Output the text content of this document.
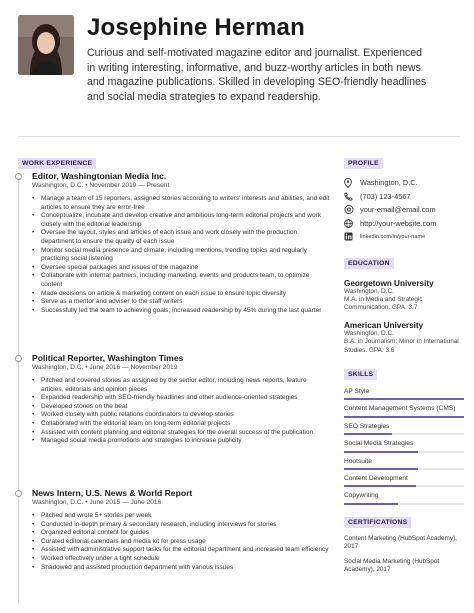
Josephine Herman
Curious and self-motivated magazine editor and journalist. Experienced in writing interesting, informative, and buzz-worthy articles in both news and magazine publications. Skilled in developing SEO-friendly headlines and social media strategies to expand readership.
WORK EXPERIENCE
Editor, Washingtonian Media Inc.
Washington, D.C. • November 2019 — Present
• Manage a team of 15 reporters, assigned stories according to writers' interests and abilities, and edit articles to ensure they are error-free
• Conceptualize, incubate and develop creative and ambitious long-term editorial projects and work closely with the editorial leadership
• Oversee the layout, styles and articles of each issue and work closely with the production department to ensure the quality of each issue
• Monitor social media presence and climate, including mentions, trending topics and regularly practicing social listening
• Oversee special packages and issues of the magazine
• Collaborate with internal partners, including marketing, events and products team, to optimize content
• Made decisions on article & marketing content on each issue to ensure topic diversity
• Serve as a mentor and adviser to the staff writers
• Successfully led the team to achieving goals; increased readership by 45% during the last quarter
Political Reporter, Washington Times
Washington, D.C. • June 2016 — November 2019
• Pitched and covered stories as assigned by the senior editor, including news reports, feature articles, editorials and opinion pieces
• Expanded readership with SEO-friendly headlines and other audience-oriented strategies
• Developed stories on the beat
• Worked closely with public relations coordinators to develop stories
• Collaborated with the editorial team on long-term editorial projects
• Assisted with content planning and editorial strategies for the overall success of the publication
• Managed social media promotions and strategies to increase publicity
News Intern, U.S. News & World Report
Washington, D.C. • June 2015 — June 2016
• Pitched and wrote 5+ stories per week
• Conducted in-depth primary & secondary research, including interviews for stories
• Organized editorial content for guides
• Curated editorial calendars and media kit for press usage
• Assisted with administrative support tasks for the editorial department and increased team efficiency
• Worked effectively under a tight schedule
• Shadowed and assisted production department with various issues
PROFILE
Washington, D.C.
(703) 123-4567
your-email@email.com
http://your-website.com
linkedin.com/in/your-name
EDUCATION
Georgetown University
Washington, D.C.
M.A. in Media and Strategic Communication, GPA: 3.7
American University
Washington, D.C.
B.A. in Journalism; Minor in International Studies. GPA: 3.6
SKILLS
AP Style
Content Management Systems (CMS)
SEO Strategies
Social Media Strategies
Hootsuite
Content Development
Copywriting
CERTIFICATIONS
Content Marketing (HubSpot Academy), 2017
Social Media Marketing (HubSpot Academy), 2017
